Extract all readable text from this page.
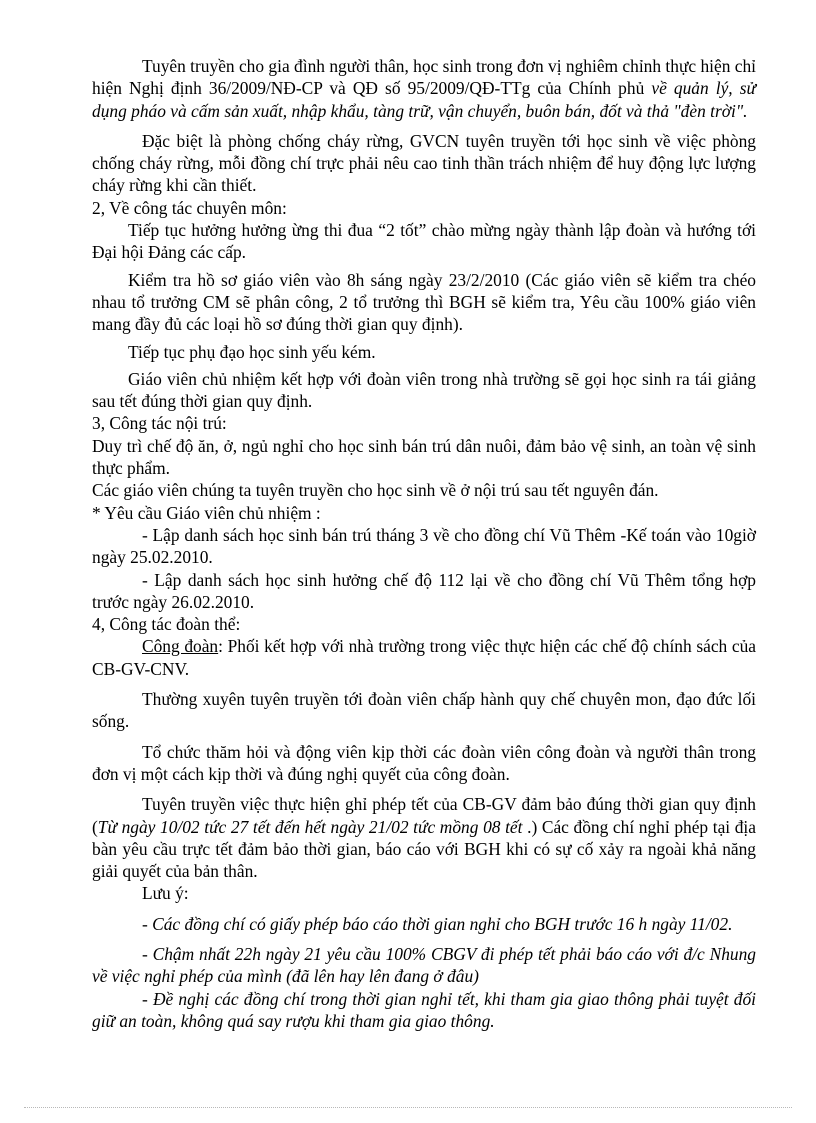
Tuyên truyền cho gia đình người thân, học sinh trong đơn vị nghiêm chỉnh thực hiện chỉ hiện Nghị định 36/2009/NĐ-CP và QĐ số 95/2009/QĐ-TTg của Chính phủ về quản lý, sử dụng pháo và cấm sản xuất, nhập khẩu, tàng trữ, vận chuyển, buôn bán, đốt và thả "đèn trời".

Đặc biệt là phòng chống cháy rừng, GVCN tuyên truyền tới học sinh về việc phòng chống cháy rừng, mỗi đồng chí trực phải nêu cao tinh thần trách nhiệm để huy động lực lượng cháy rừng khi cần thiết.

2, Về công tác chuyên môn:

Tiếp tục hưởng hưởng ừng thi đua “2 tốt” chào mừng ngày thành lập đoàn và hướng tới Đại hội Đảng các cấp.

Kiểm tra hồ sơ giáo viên vào 8h sáng ngày 23/2/2010 (Các giáo viên sẽ kiểm tra chéo nhau tổ trưởng CM sẽ phân công, 2 tổ trưởng thì BGH sẽ kiểm tra, Yêu cầu 100% giáo viên mang đầy đủ các loại hồ sơ đúng thời gian quy định).

Tiếp tục phụ đạo học sinh yếu kém.

Giáo viên chủ nhiệm kết hợp với đoàn viên trong nhà trường sẽ gọi học sinh ra tái giảng sau tết đúng thời gian quy định.

3, Công tác nội trú:

Duy trì chế độ ăn, ở, ngủ nghỉ cho học sinh bán trú dân nuôi, đảm bảo vệ sinh, an toàn vệ sinh thực phẩm.

Các giáo viên chúng ta tuyên truyền cho học sinh về ở nội trú sau tết nguyên đán.

* Yêu cầu Giáo viên chủ nhiệm :

- Lập danh sách học sinh bán trú tháng 3 về cho đồng chí Vũ Thêm -Kế toán vào 10giờ ngày 25.02.2010.

- Lập danh sách học sinh hưởng chế độ 112 lại về cho đồng chí Vũ Thêm tổng hợp trước ngày 26.02.2010.

4, Công tác đoàn thể:

Công đoàn: Phối kết hợp với nhà trường trong việc thực hiện các chế độ chính sách của CB-GV-CNV.

Thường xuyên tuyên truyền tới đoàn viên chấp hành quy chế chuyên mon, đạo đức lối sống.

Tổ chức thăm hỏi và động viên kịp thời các đoàn viên công đoàn và người thân trong đơn vị một cách kịp thời và đúng nghị quyết của công đoàn.

Tuyên truyền việc thực hiện ghỉ phép tết của CB-GV đảm bảo đúng thời gian quy định (Từ ngày 10/02 tức 27 tết đến hết ngày 21/02 tức mồng 08 tết .) Các đồng chí nghỉ phép tại địa bàn yêu cầu trực tết đảm bảo thời gian, báo cáo với BGH khi có sự cố xảy ra ngoài khả năng giải quyết của bản thân.

Lưu ý:

- Các đồng chí có giấy phép báo cáo thời gian nghỉ cho BGH trước 16 h ngày 11/02.

- Chậm nhất 22h ngày 21 yêu cầu 100% CBGV đi phép tết phải báo cáo với đ/c Nhung về việc nghỉ phép của mình (đã lên hay lên đang ở đâu)

- Đề nghị các đồng chí trong thời gian nghỉ tết, khi tham gia giao thông phải tuyệt đối giữ an toàn, không quá say rượu khi tham gia giao thông.
